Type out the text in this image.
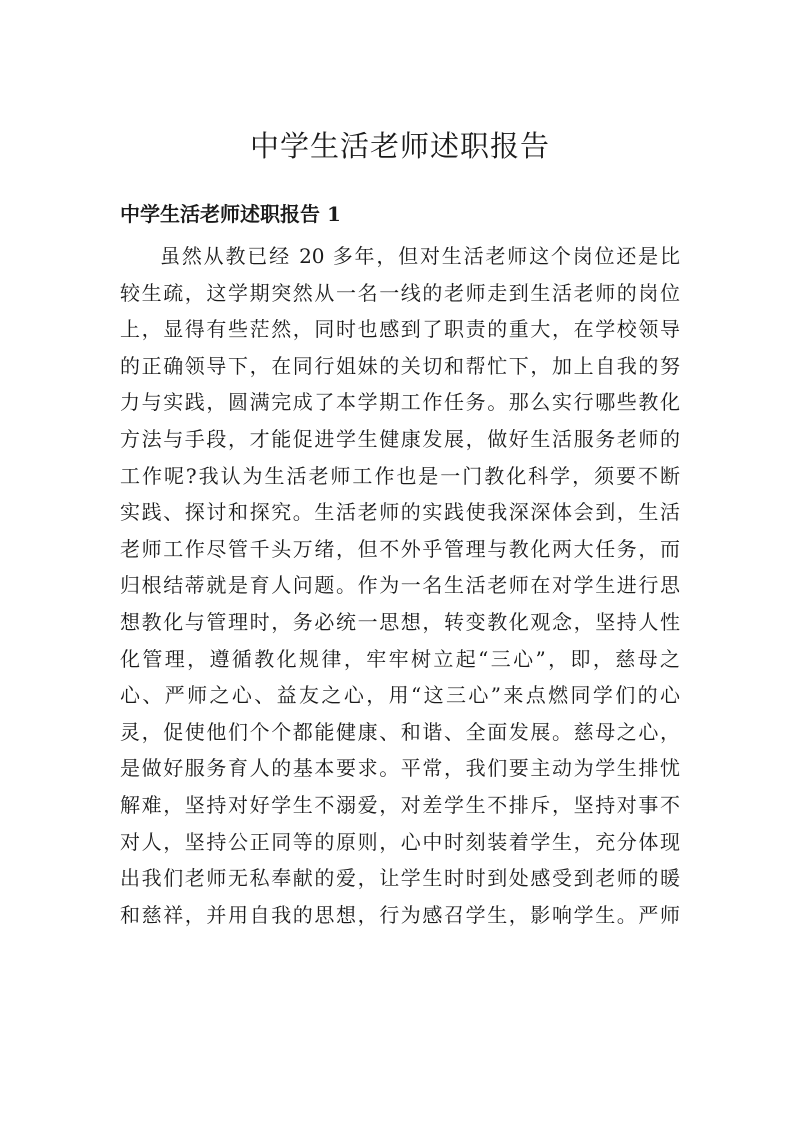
中学生活老师述职报告
中学生活老师述职报告 1
虽然从教已经 20 多年，但对生活老师这个岗位还是比
较生疏，这学期突然从一名一线的老师走到生活老师的岗位
上，显得有些茫然，同时也感到了职责的重大，在学校领导
的正确领导下，在同行姐妹的关切和帮忙下，加上自我的努
力与实践，圆满完成了本学期工作任务。那么实行哪些教化
方法与手段，才能促进学生健康发展，做好生活服务老师的
工作呢?我认为生活老师工作也是一门教化科学，须要不断
实践、探讨和探究。生活老师的实践使我深深体会到，生活
老师工作尽管千头万绪，但不外乎管理与教化两大任务，而
归根结蒂就是育人问题。作为一名生活老师在对学生进行思
想教化与管理时，务必统一思想，转变教化观念，坚持人性
化管理，遵循教化规律，牢牢树立起“三心”，即，慈母之
心、严师之心、益友之心，用“这三心”来点燃同学们的心
灵，促使他们个个都能健康、和谐、全面发展。慈母之心，
是做好服务育人的基本要求。平常，我们要主动为学生排忧
解难，坚持对好学生不溺爱，对差学生不排斥，坚持对事不
对人，坚持公正同等的原则，心中时刻装着学生，充分体现
出我们老师无私奉献的爱，让学生时时到处感受到老师的暖
和慈祥，并用自我的思想，行为感召学生，影响学生。严师
